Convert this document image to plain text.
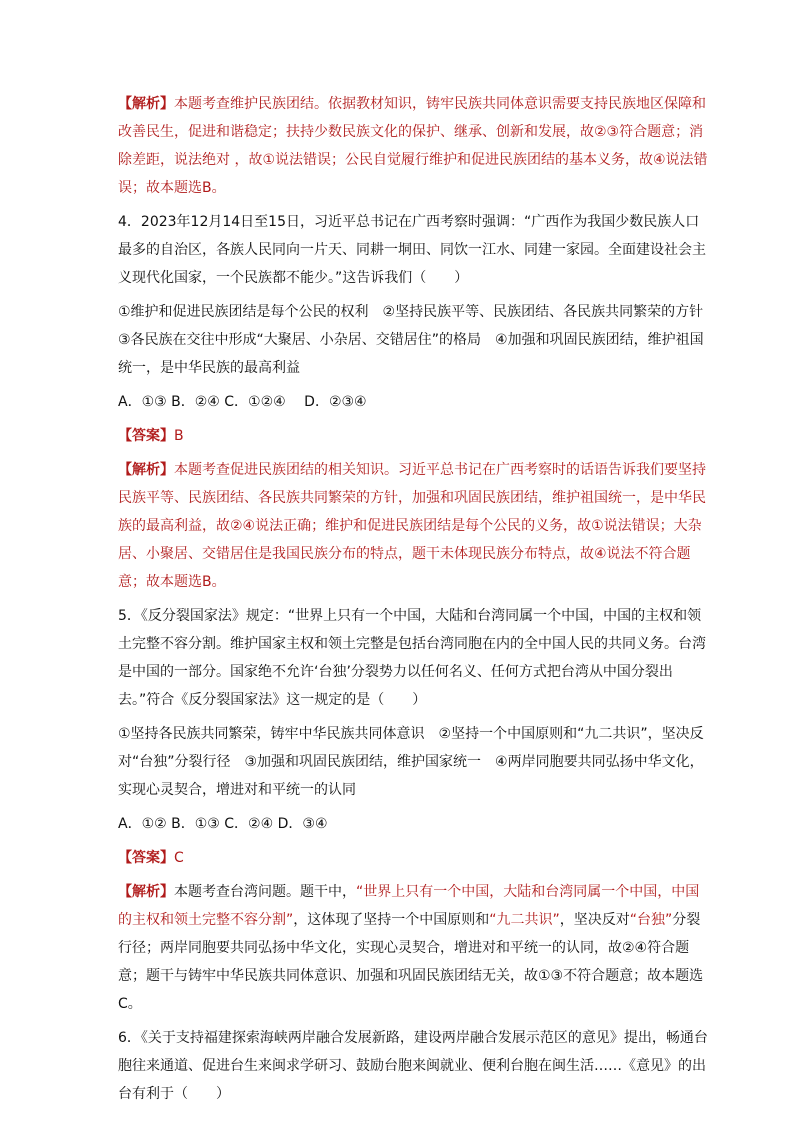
【解析】本题考查维护民族团结。依据教材知识，铸牢民族共同体意识需要支持民族地区保障和改善民生，促进和谐稳定；扶持少数民族文化的保护、继承、创新和发展，故②③符合题意；消除差距，说法绝对 ，故①说法错误；公民自觉履行维护和促进民族团结的基本义务，故④说法错误；故本题选B。

4．2023年12月14日至15日，习近平总书记在广西考察时强调：“广西作为我国少数民族人口最多的自治区，各族人民同向一片天、同耕一垌田、同饮一江水、同建一家园。全面建设社会主义现代化国家，一个民族都不能少。”这告诉我们（　　）

①维护和促进民族团结是每个公民的权利　②坚持民族平等、民族团结、各民族共同繁荣的方针　③各民族在交往中形成“大聚居、小杂居、交错居住”的格局　④加强和巩固民族团结，维护祖国统一，是中华民族的最高利益

A．①③ B．②④ C．①②④　 D．②③④

【答案】B

【解析】本题考查促进民族团结的相关知识。习近平总书记在广西考察时的话语告诉我们要坚持民族平等、民族团结、各民族共同繁荣的方针，加强和巩固民族团结，维护祖国统一，是中华民族的最高利益，故②④说法正确；维护和促进民族团结是每个公民的义务，故①说法错误；大杂居、小聚居、交错居住是我国民族分布的特点，题干未体现民族分布特点，故④说法不符合题意；故本题选B。

5．《反分裂国家法》规定：“世界上只有一个中国，大陆和台湾同属一个中国，中国的主权和领土完整不容分割。维护国家主权和领土完整是包括台湾同胞在内的全中国人民的共同义务。台湾是中国的一部分。国家绝不允许‘台独’分裂势力以任何名义、任何方式把台湾从中国分裂出去。”符合《反分裂国家法》这一规定的是（　　）

①坚持各民族共同繁荣，铸牢中华民族共同体意识　②坚持一个中国原则和“九二共识”，坚决反对“台独”分裂行径　③加强和巩固民族团结，维护国家统一　④两岸同胞要共同弘扬中华文化，实现心灵契合，增进对和平统一的认同

A．①② B．①③ C．②④ D．③④

【答案】C

【解析】本题考查台湾问题。题干中，“世界上只有一个中国，大陆和台湾同属一个中国，中国的主权和领土完整不容分割”，这体现了坚持一个中国原则和“九二共识”，坚决反对“台独”分裂行径；两岸同胞要共同弘扬中华文化，实现心灵契合，增进对和平统一的认同，故②④符合题意；题干与铸牢中华民族共同体意识、加强和巩固民族团结无关，故①③不符合题意；故本题选C。

6．《关于支持福建探索海峡两岸融合发展新路，建设两岸融合发展示范区的意见》提出，畅通台胞往来通道、促进台生来闽求学研习、鼓励台胞来闽就业、便利台胞在闽生活……《意见》的出台有利于（　　）
